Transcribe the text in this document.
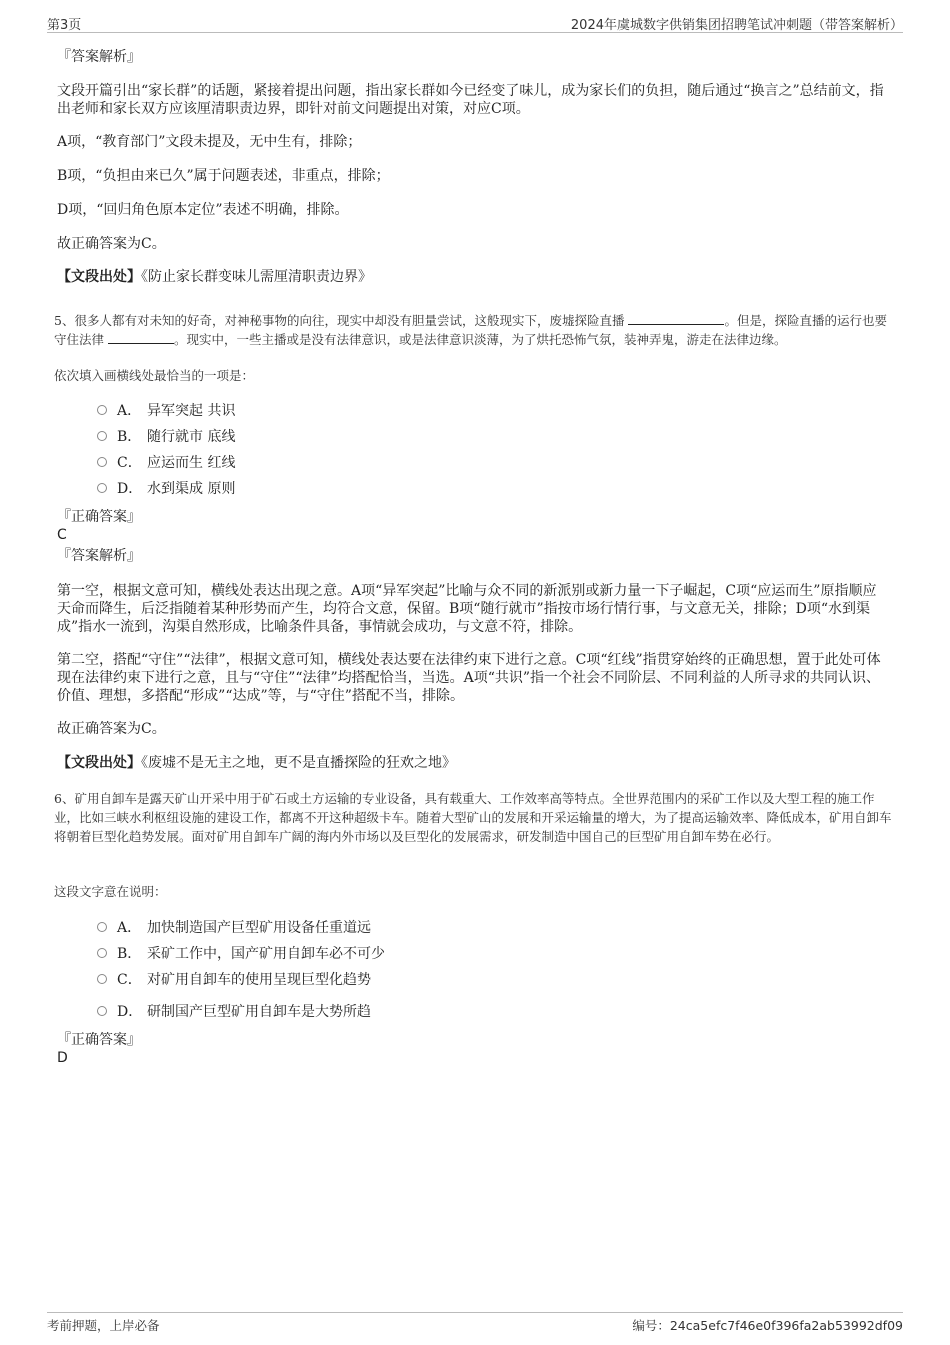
第3页	2024年虞城数字供销集团招聘笔试冲刺题（带答案解析）
『答案解析』
文段开篇引出“家长群”的话题，紧接着提出问题，指出家长群如今已经变了味儿，成为家长们的负担，随后通过“换言之”总结前文，指出老师和家长双方应该厘清职责边界，即针对前文问题提出对策，对应C项。
A项，“教育部门”文段未提及，无中生有，排除；
B项，“负担由来已久”属于问题表述，非重点，排除；
D项，“回归角色原本定位”表述不明确，排除。
故正确答案为C。
【文段出处】《防止家长群变味儿需厘清职责边界》
5、很多人都有对未知的好奇，对神秘事物的向往，现实中却没有胆量尝试，这般现实下，废墟探险直播	。但是，探险直播的运行也要守住法律	。现实中，一些主播或是没有法律意识，或是法律意识淡薄，为了烘托恐怖气氛，装神弄鬼，游走在法律边缘。
依次填入画横线处最恰当的一项是：
A． 异军突起 共识
B． 随行就市 底线
C． 应运而生 红线
D． 水到渠成 原则
『正确答案』
C
『答案解析』
第一空，根据文意可知，横线处表达出现之意。A项“异军突起”比喻与众不同的新派别或新力量一下子崛起，C项“应运而生”原指顺应天命而降生，后泛指随着某种形势而产生，均符合文意，保留。B项“随行就市”指按市场行情行事，与文意无关，排除；D项“水到渠成”指水一流到，沟渠自然形成，比喻条件具备，事情就会成功，与文意不符，排除。
第二空，搭配“守住”“法律”，根据文意可知，横线处表达要在法律约束下进行之意。C项“红线”指贯穿始终的正确思想，置于此处可体现在法律约束下进行之意，且与“守住”“法律”均搭配恰当，当选。A项“共识”指一个社会不同阶层、不同利益的人所寻求的共同认识、价值、理想，多搭配“形成”“达成”等，与“守住”搭配不当，排除。
故正确答案为C。
【文段出处】《废墟不是无主之地，更不是直播探险的狂欢之地》
6、矿用自卸车是露天矿山开采中用于矿石或土方运输的专业设备，具有载重大、工作效率高等特点。全世界范围内的采矿工作以及大型工程的施工作业，比如三峡水利枢纽设施的建设工作，都离不开这种超级卡车。随着大型矿山的发展和开采运输量的增大，为了提高运输效率、降低成本，矿用自卸车将朝着巨型化趋势发展。面对矿用自卸车广阔的海内外市场以及巨型化的发展需求，研发制造中国自己的巨型矿用自卸车势在必行。
这段文字意在说明：
A． 加快制造国产巨型矿用设备任重道远
B． 采矿工作中，国产矿用自卸车必不可少
C． 对矿用自卸车的使用呈现巨型化趋势
D． 研制国产巨型矿用自卸车是大势所趋
『正确答案』
D
考前押题，上岸必备	编号：24ca5efc7f46e0f396fa2ab53992df09
